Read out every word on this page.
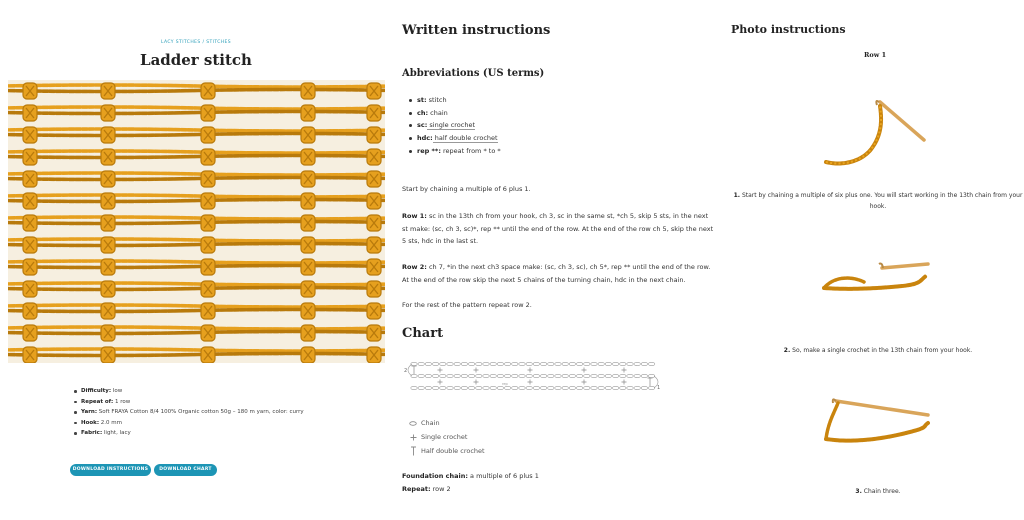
LACY STITCHES / STITCHES
Ladder stitch
Difficulty: low
Repeat of: 1 row
Yarn: Soft FRAYA Cotton 8/4 100% Organic cotton 50g – 180 m yarn, color: curry
Hook: 2.0 mm
Fabric: light, lacy
DOWNLOAD INSTRUCTIONS	DOWNLOAD CHART
Written instructions
Abbreviations (US terms)
st: stitch
ch: chain
sc: single crochet
hdc: half double crochet
rep **: repeat from * to *

Start by chaining a multiple of 6 plus 1.

Row 1: sc in the 13th ch from your hook, ch 3, sc in the same st, *ch 5, skip 5 sts, in the next st make: (sc, ch 3, sc)*, rep ** until the end of the row. At the end of the row ch 5, skip the next 5 sts, hdc in the last st.

Row 2: ch 7, *in the next ch3 space make: (sc, ch 3, sc), ch 5*, rep ** until the end of the row. At the end of the row skip the next 5 chains of the turning chain, hdc in the next chain.

For the rest of the pattern repeat row 2.

Chart
2
1
rep
Chain
Single crochet
Half double crochet
Foundation chain: a multiple of 6 plus 1
Repeat: row 2
Photo instructions
Row 1
1. Start by chaining a multiple of six plus one. You will start working in the 13th chain from your hook.
2. So, make a single crochet in the 13th chain from your hook.
3. Chain three.
